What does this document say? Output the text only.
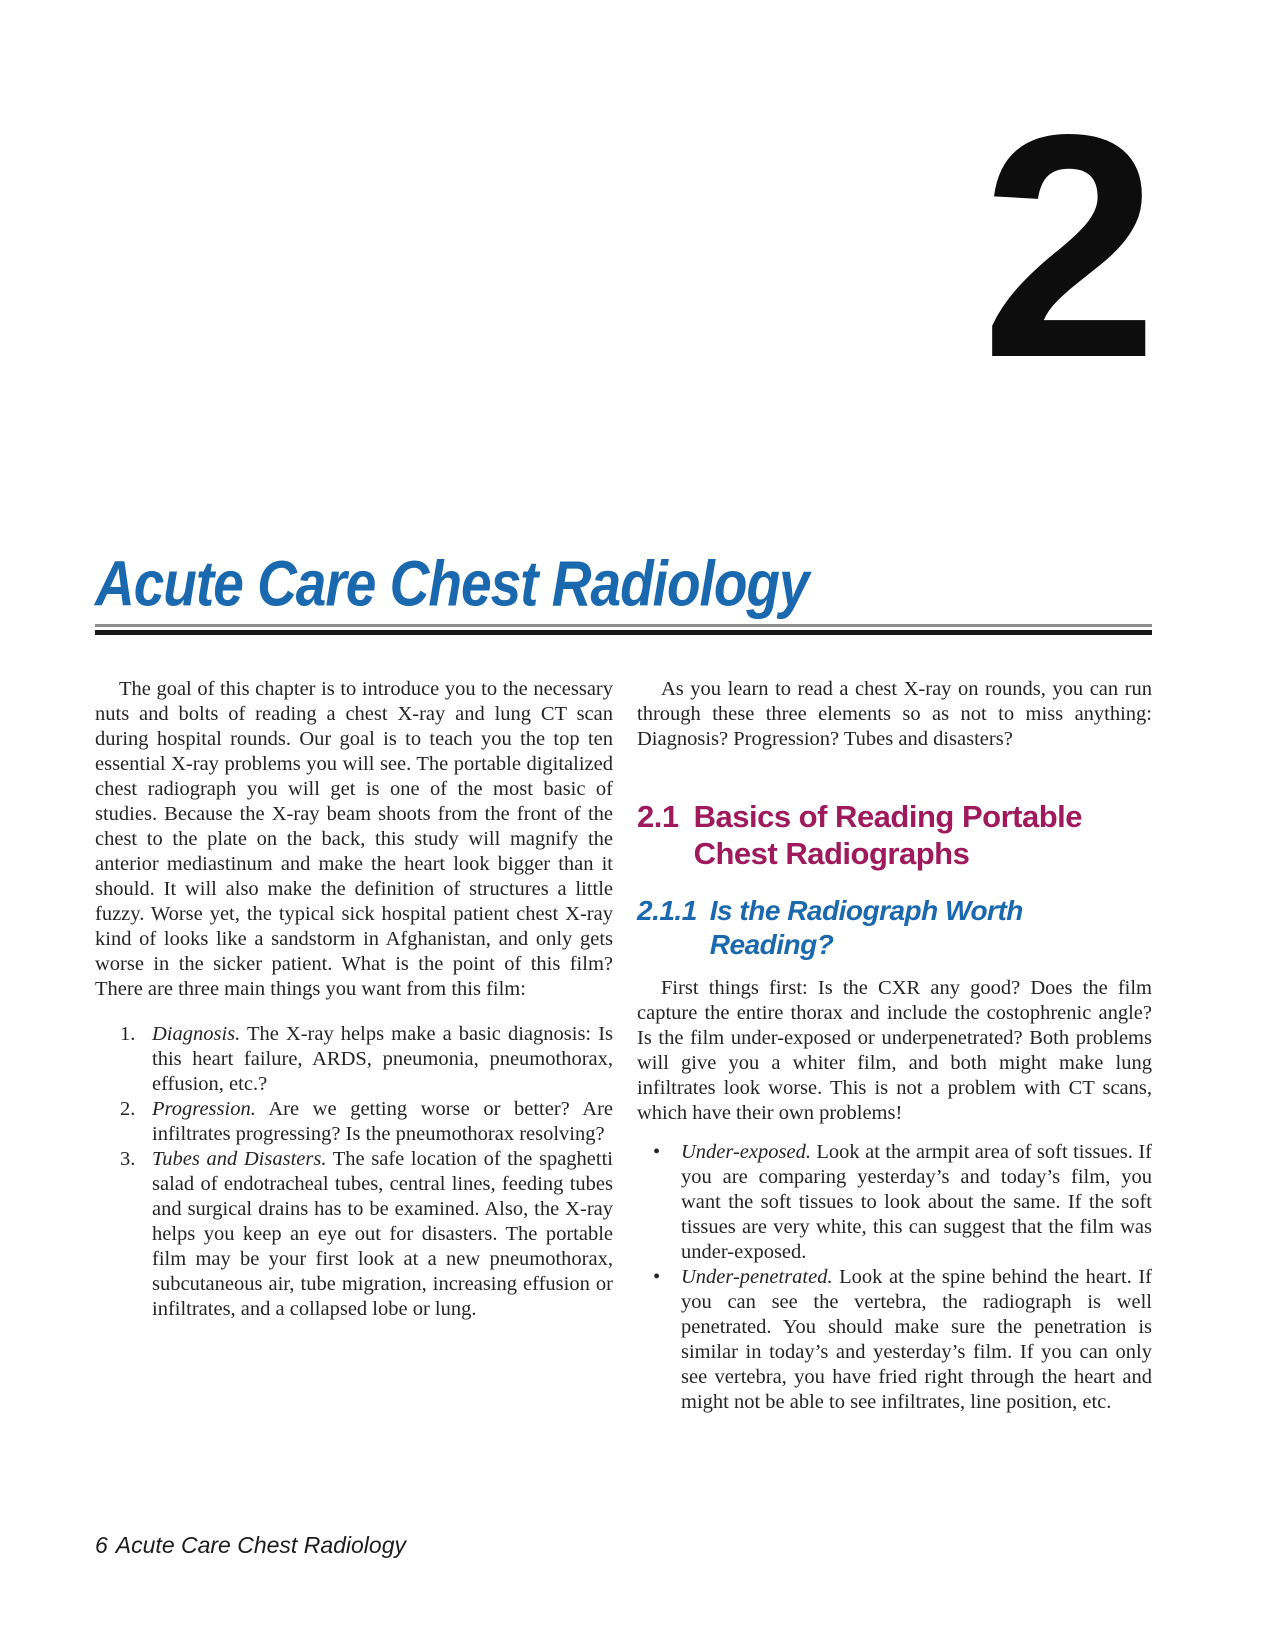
2
Acute Care Chest Radiology

The goal of this chapter is to introduce you to the necessary nuts and bolts of reading a chest X-ray and lung CT scan during hospital rounds. Our goal is to teach you the top ten essential X-ray problems you will see. The portable digitalized chest radiograph you will get is one of the most basic of studies. Because the X-ray beam shoots from the front of the chest to the plate on the back, this study will magnify the anterior mediastinum and make the heart look bigger than it should. It will also make the definition of structures a little fuzzy. Worse yet, the typical sick hospital patient chest X-ray kind of looks like a sandstorm in Afghanistan, and only gets worse in the sicker patient. What is the point of this film? There are three main things you want from this film:

1. Diagnosis. The X-ray helps make a basic diagnosis: Is this heart failure, ARDS, pneumonia, pneumothorax, effusion, etc.?
2. Progression. Are we getting worse or better? Are infiltrates progressing? Is the pneumothorax resolving?
3. Tubes and Disasters. The safe location of the spaghetti salad of endotracheal tubes, central lines, feeding tubes and surgical drains has to be examined. Also, the X-ray helps you keep an eye out for disasters. The portable film may be your first look at a new pneumothorax, subcutaneous air, tube migration, increasing effusion or infiltrates, and a collapsed lobe or lung.

As you learn to read a chest X-ray on rounds, you can run through these three elements so as not to miss anything: Diagnosis? Progression? Tubes and disasters?

2.1 Basics of Reading Portable Chest Radiographs
2.1.1 Is the Radiograph Worth Reading?

First things first: Is the CXR any good? Does the film capture the entire thorax and include the costophrenic angle? Is the film under-exposed or underpenetrated? Both problems will give you a whiter film, and both might make lung infiltrates look worse. This is not a problem with CT scans, which have their own problems!

•	Under-exposed. Look at the armpit area of soft tissues. If you are comparing yesterday’s and today’s film, you want the soft tissues to look about the same. If the soft tissues are very white, this can suggest that the film was under-exposed.
•	Under-penetrated. Look at the spine behind the heart. If you can see the vertebra, the radiograph is well penetrated. You should make sure the penetration is similar in today’s and yesterday’s film. If you can only see vertebra, you have fried right through the heart and might not be able to see infiltrates, line position, etc.
6 Acute Care Chest Radiology
